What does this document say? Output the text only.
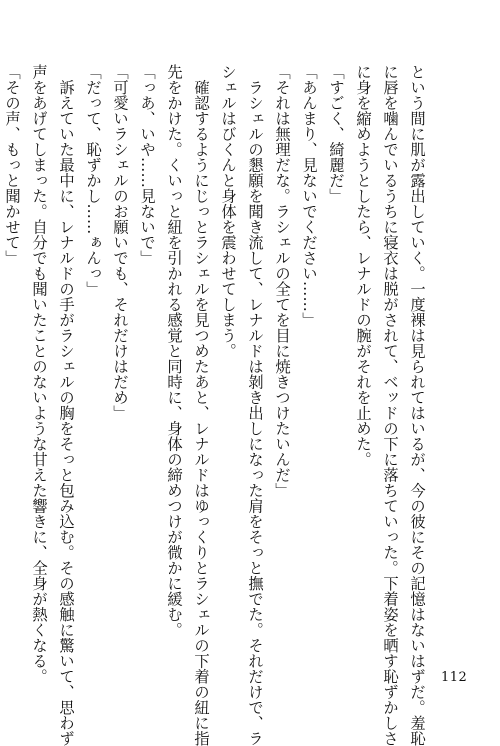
という間に肌が露出していく。一度裸は見られてはいるが、今の彼にその記憶はないはずだ。羞恥
に唇を噛んでいるうちに寝衣は脱がされて、ベッドの下に落ちていった。下着姿を晒す恥ずかしさ
に身を縮めようとしたら、レナルドの腕がそれを止めた。
「すごく、綺麗だ」
「あんまり、見ないでください……」
「それは無理だな。ラシェルの全てを目に焼きつけたいんだ」
　ラシェルの懇願を聞き流して、レナルドは剝き出しになった肩をそっと撫でた。それだけで、ラ
シェルはびくんと身体を震わせてしまう。
　確認するようにじっとラシェルを見つめたあと、レナルドはゆっくりとラシェルの下着の紐に指
先をかけた。くいっと紐を引かれる感覚と同時に、身体の締めつけが微かに緩む。
「っあ、いや……見ないで」
「可愛いラシェルのお願いでも、それだけはだめ」
「だって、恥ずかし……ぁんっ」
　訴えていた最中に、レナルドの手がラシェルの胸をそっと包み込む。その感触に驚いて、思わず
声をあげてしまった。自分でも聞いたことのないような甘えた響きに、全身が熱くなる。
「その声、もっと聞かせて」
112
